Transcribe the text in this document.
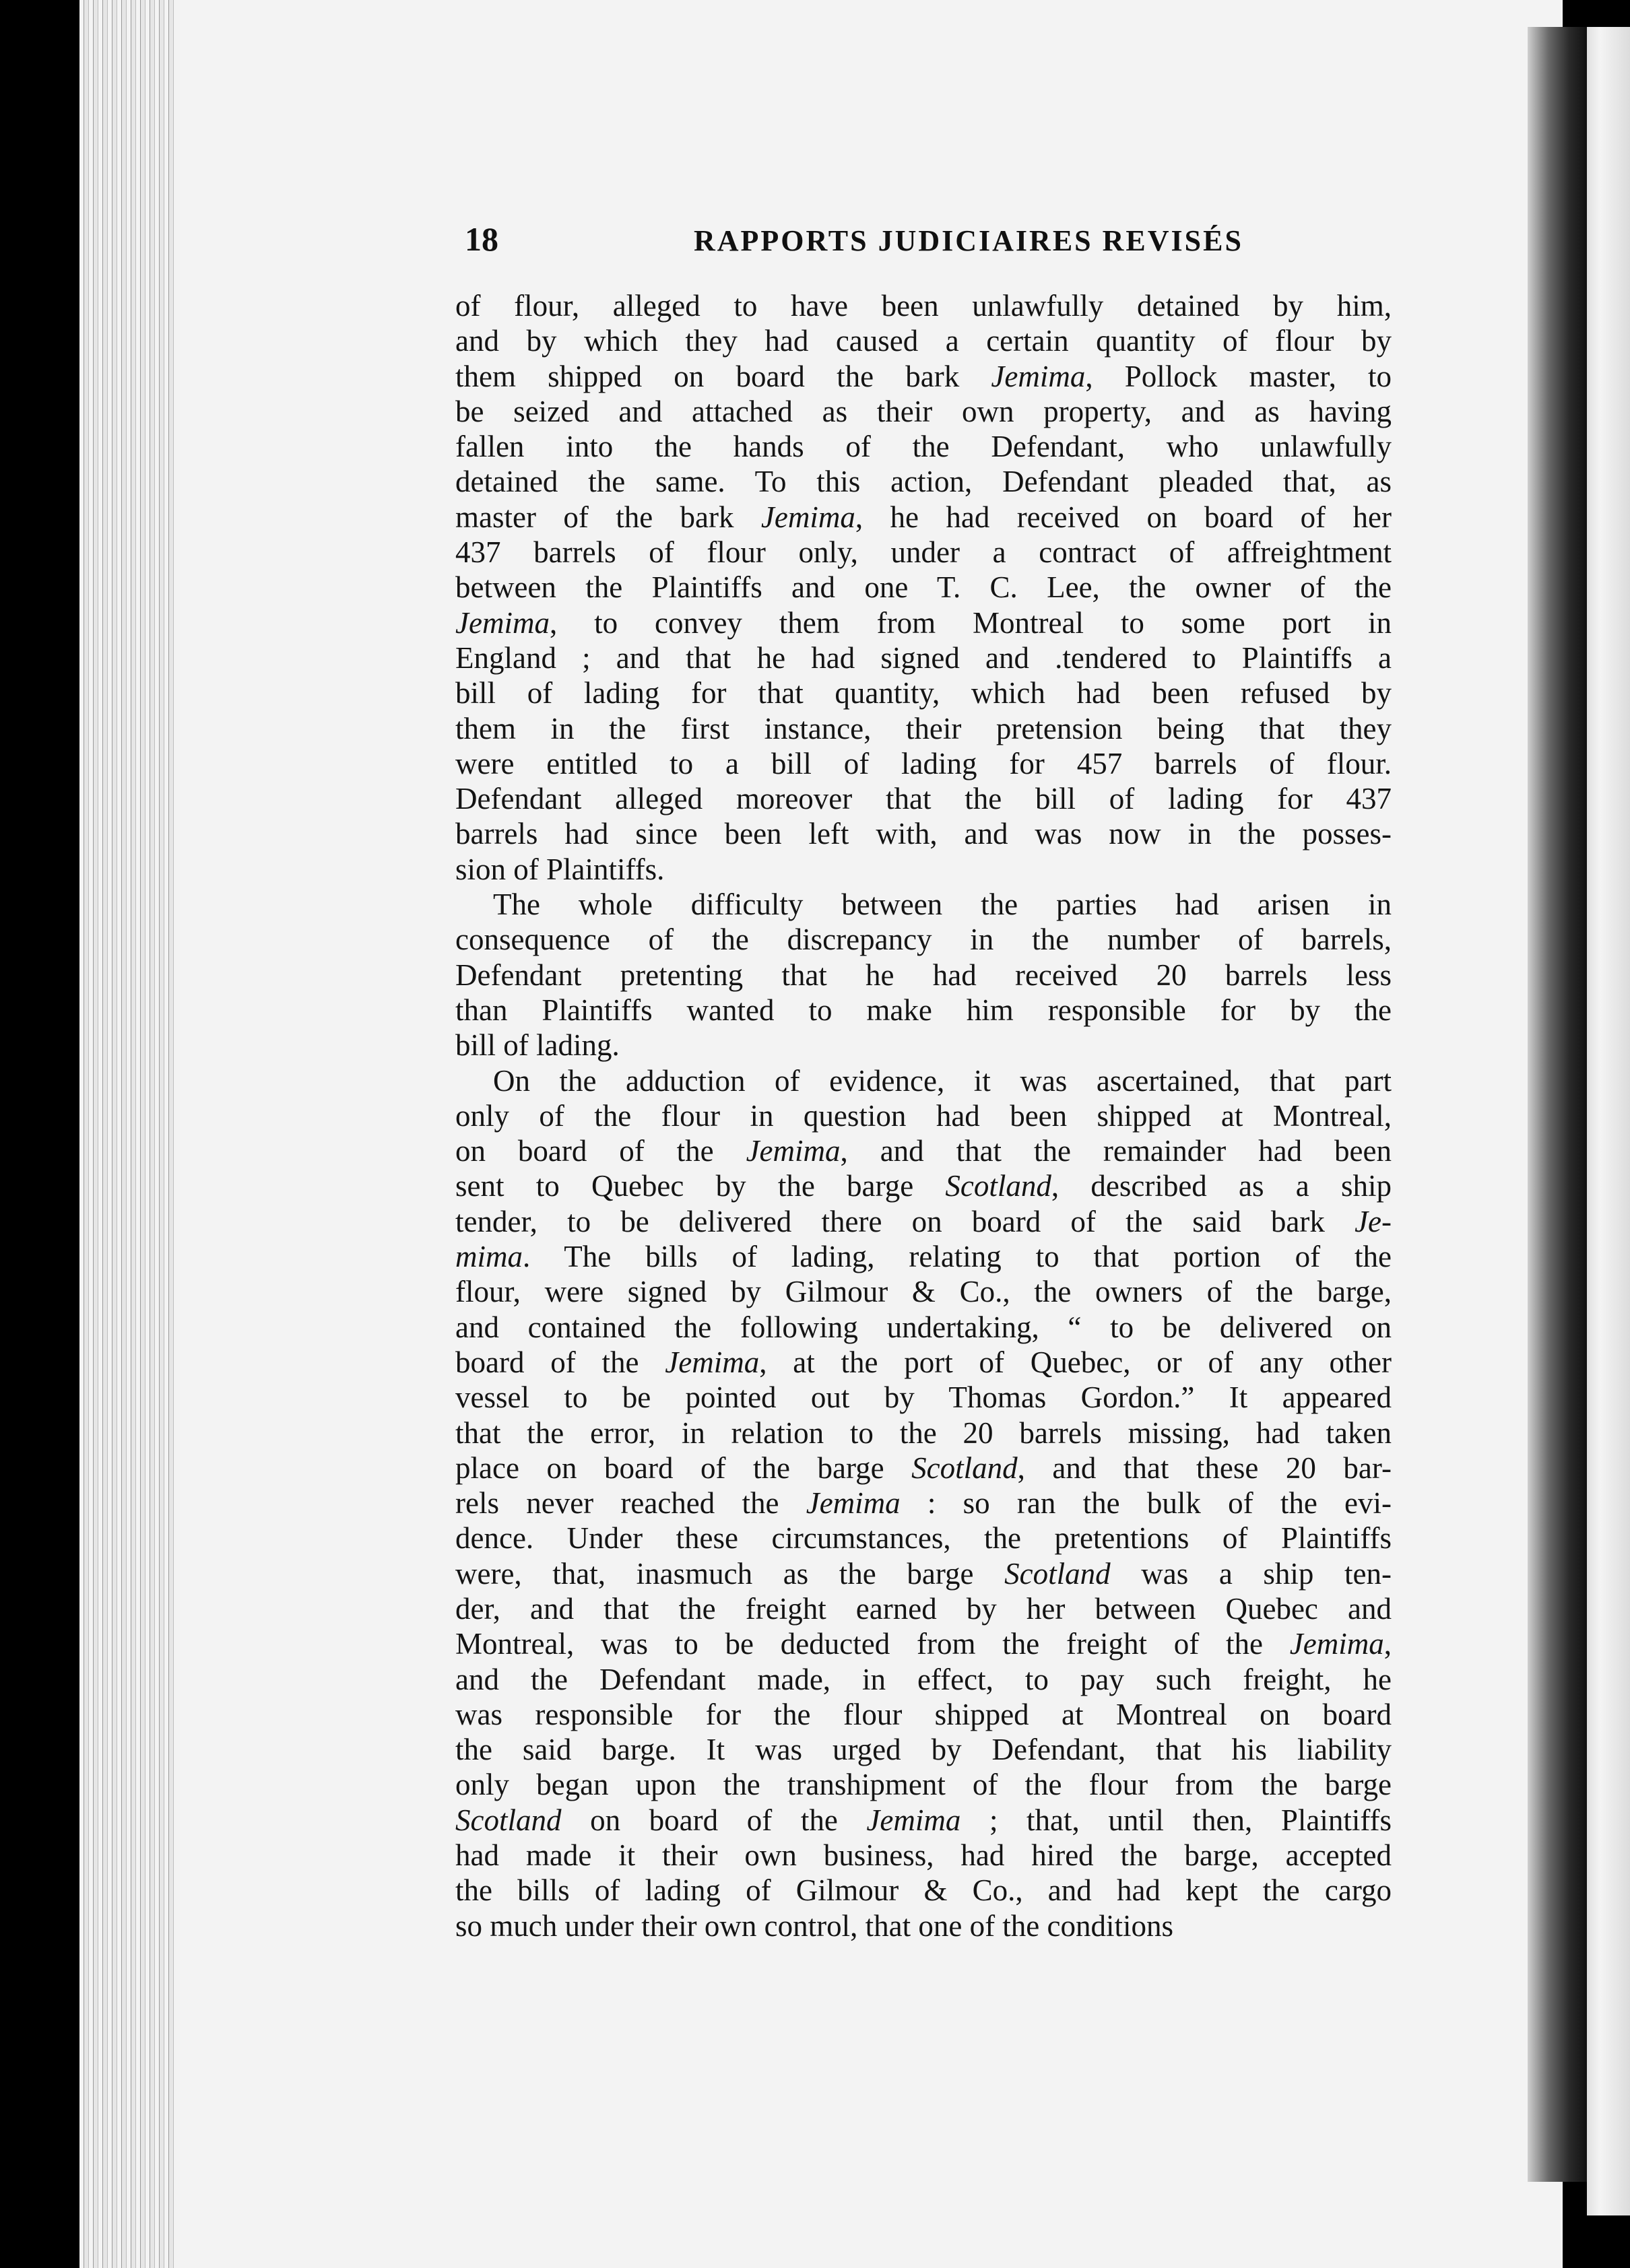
18	RAPPORTS JUDICIAIRES REVISÉS
of flour, alleged to have been unlawfully detained by him,
and by which they had caused a certain quantity of flour by
them shipped on board the bark Jemima, Pollock master, to
be seized and attached as their own property, and as having
fallen into the hands of the Defendant, who unlawfully
detained the same. To this action, Defendant pleaded that, as
master of the bark Jemima, he had received on board of her
437 barrels of flour only, under a contract of affreightment
between the Plaintiffs and one T. C. Lee, the owner of the
Jemima, to convey them from Montreal to some port in
England ; and that he had signed and .tendered to Plaintiffs a
bill of lading for that quantity, which had been refused by
them in the first instance, their pretension being that they
were entitled to a bill of lading for 457 barrels of flour.
Defendant alleged moreover that the bill of lading for 437
barrels had since been left with, and was now in the posses-
sion of Plaintiffs.
The whole difficulty between the parties had arisen in
consequence of the discrepancy in the number of barrels,
Defendant pretenting that he had received 20 barrels less
than Plaintiffs wanted to make him responsible for by the
bill of lading.
On the adduction of evidence, it was ascertained, that part
only of the flour in question had been shipped at Montreal,
on board of the Jemima, and that the remainder had been
sent to Quebec by the barge Scotland, described as a ship
tender, to be delivered there on board of the said bark Je-
mima. The bills of lading, relating to that portion of the
flour, were signed by Gilmour & Co., the owners of the barge,
and contained the following undertaking, “ to be delivered on
board of the Jemima, at the port of Quebec, or of any other
vessel to be pointed out by Thomas Gordon.” It appeared
that the error, in relation to the 20 barrels missing, had taken
place on board of the barge Scotland, and that these 20 bar-
rels never reached the Jemima : so ran the bulk of the evi-
dence. Under these circumstances, the pretentions of Plaintiffs
were, that, inasmuch as the barge Scotland was a ship ten-
der, and that the freight earned by her between Quebec and
Montreal, was to be deducted from the freight of the Jemima,
and the Defendant made, in effect, to pay such freight, he
was responsible for the flour shipped at Montreal on board
the said barge. It was urged by Defendant, that his liability
only began upon the transhipment of the flour from the barge
Scotland on board of the Jemima ; that, until then, Plaintiffs
had made it their own business, had hired the barge, accepted
the bills of lading of Gilmour & Co., and had kept the cargo
so much under their own control, that one of the conditions
